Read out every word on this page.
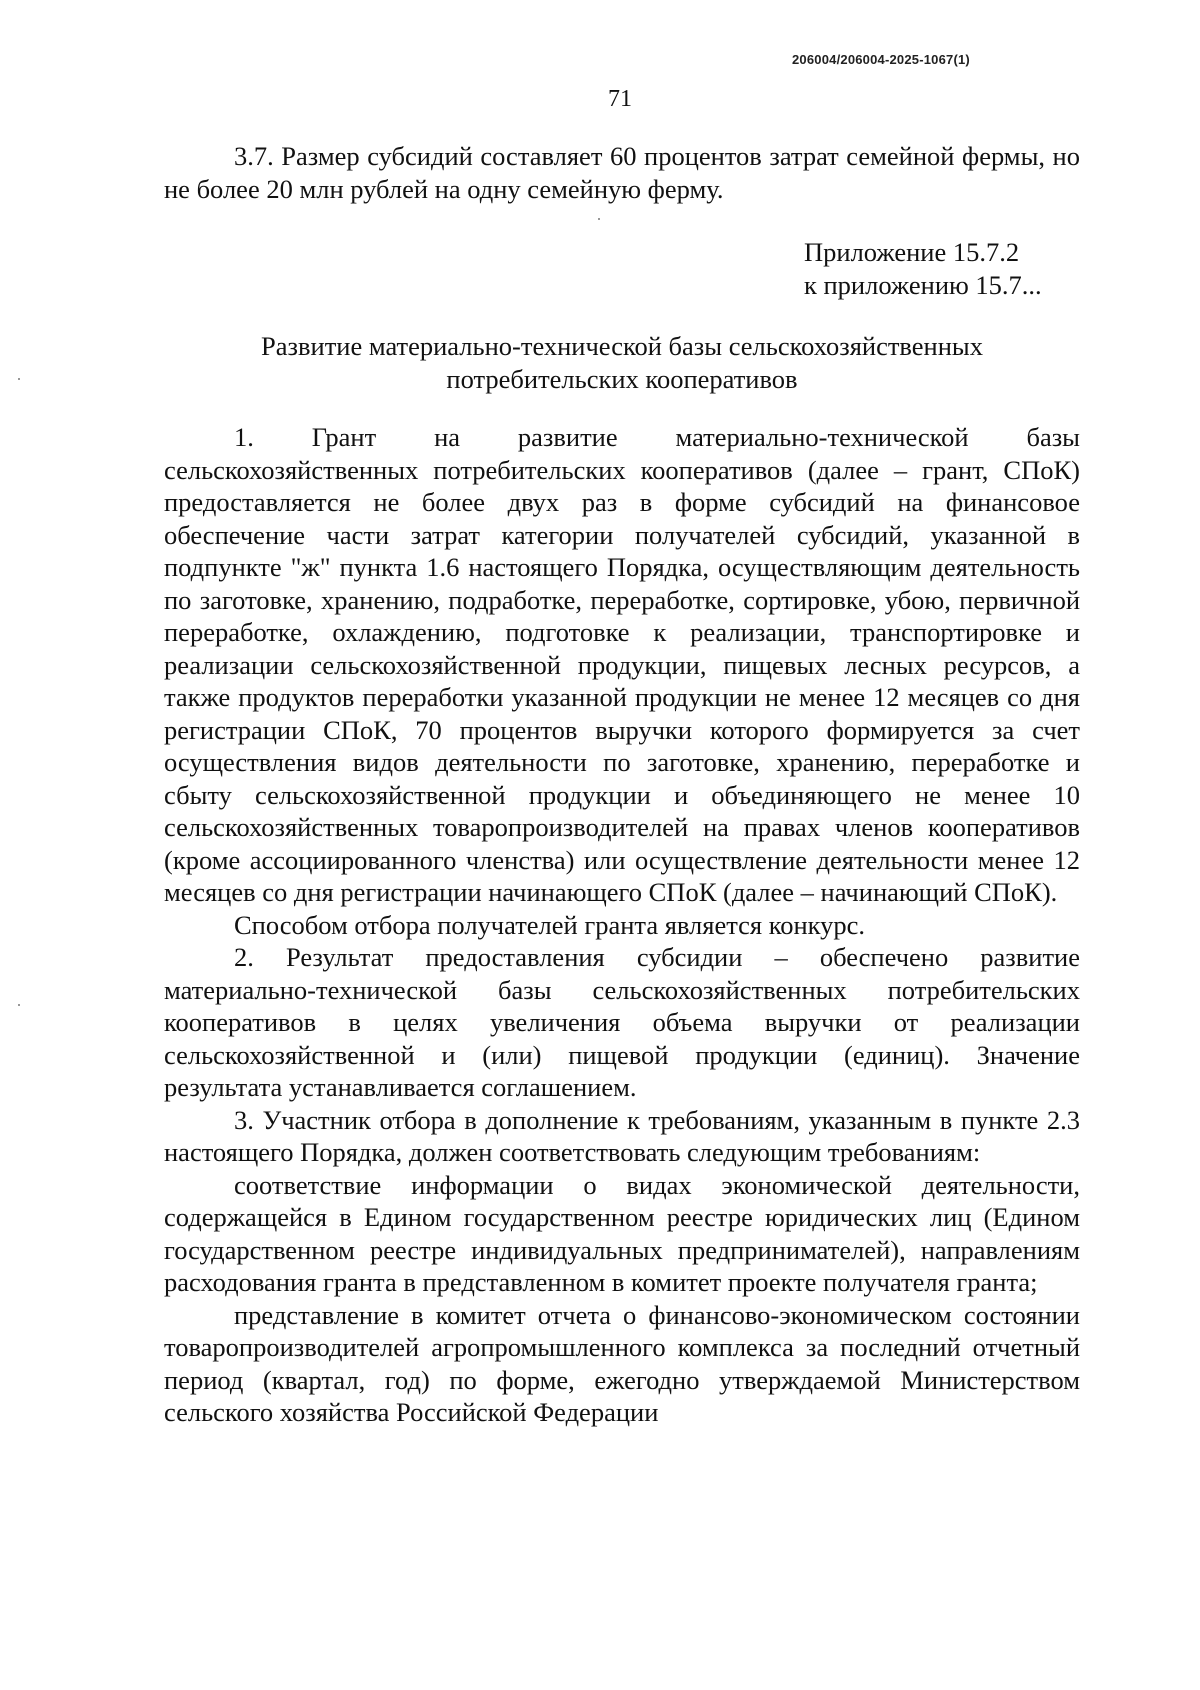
206004/206004-2025-1067(1)
71

3.7. Размер субсидий составляет 60 процентов затрат семейной фермы, но не более 20 млн рублей на одну семейную ферму.

Приложение 15.7.2
к приложению 15.7...
Развитие материально-технической базы сельскохозяйственных
потребительских кооперативов

1. Грант на развитие материально-технической базы сельскохозяйственных потребительских кооперативов (далее – грант, СПоК) предоставляется не более двух раз в форме субсидий на финансовое обеспечение части затрат категории получателей субсидий, указанной в подпункте "ж" пункта 1.6 настоящего Порядка, осуществляющим деятельность по заготовке, хранению, подработке, переработке, сортировке, убою, первичной переработке, охлаждению, подготовке к реализации, транспортировке и реализации сельскохозяйственной продукции, пищевых лесных ресурсов, а также продуктов переработки указанной продукции не менее 12 месяцев со дня регистрации СПоК, 70 процентов выручки которого формируется за счет осуществления видов деятельности по заготовке, хранению, переработке и сбыту сельскохозяйственной продукции и объединяющего не менее 10 сельскохозяйственных товаропроизводителей на правах членов кооперативов (кроме ассоциированного членства) или осуществление деятельности менее 12 месяцев со дня регистрации начинающего СПоК (далее – начинающий СПоК).

Способом отбора получателей гранта является конкурс.

2. Результат предоставления субсидии – обеспечено развитие материально-технической базы сельскохозяйственных потребительских кооперативов в целях увеличения объема выручки от реализации сельскохозяйственной и (или) пищевой продукции (единиц). Значение результата устанавливается соглашением.

3. Участник отбора в дополнение к требованиям, указанным в пункте 2.3 настоящего Порядка, должен соответствовать следующим требованиям:

соответствие информации о видах экономической деятельности, содержащейся в Едином государственном реестре юридических лиц (Едином государственном реестре индивидуальных предпринимателей), направлениям расходования гранта в представленном в комитет проекте получателя гранта;

представление в комитет отчета о финансово-экономическом состоянии товаропроизводителей агропромышленного комплекса за последний отчетный период (квартал, год) по форме, ежегодно утверждаемой Министерством сельского хозяйства Российской Федерации
